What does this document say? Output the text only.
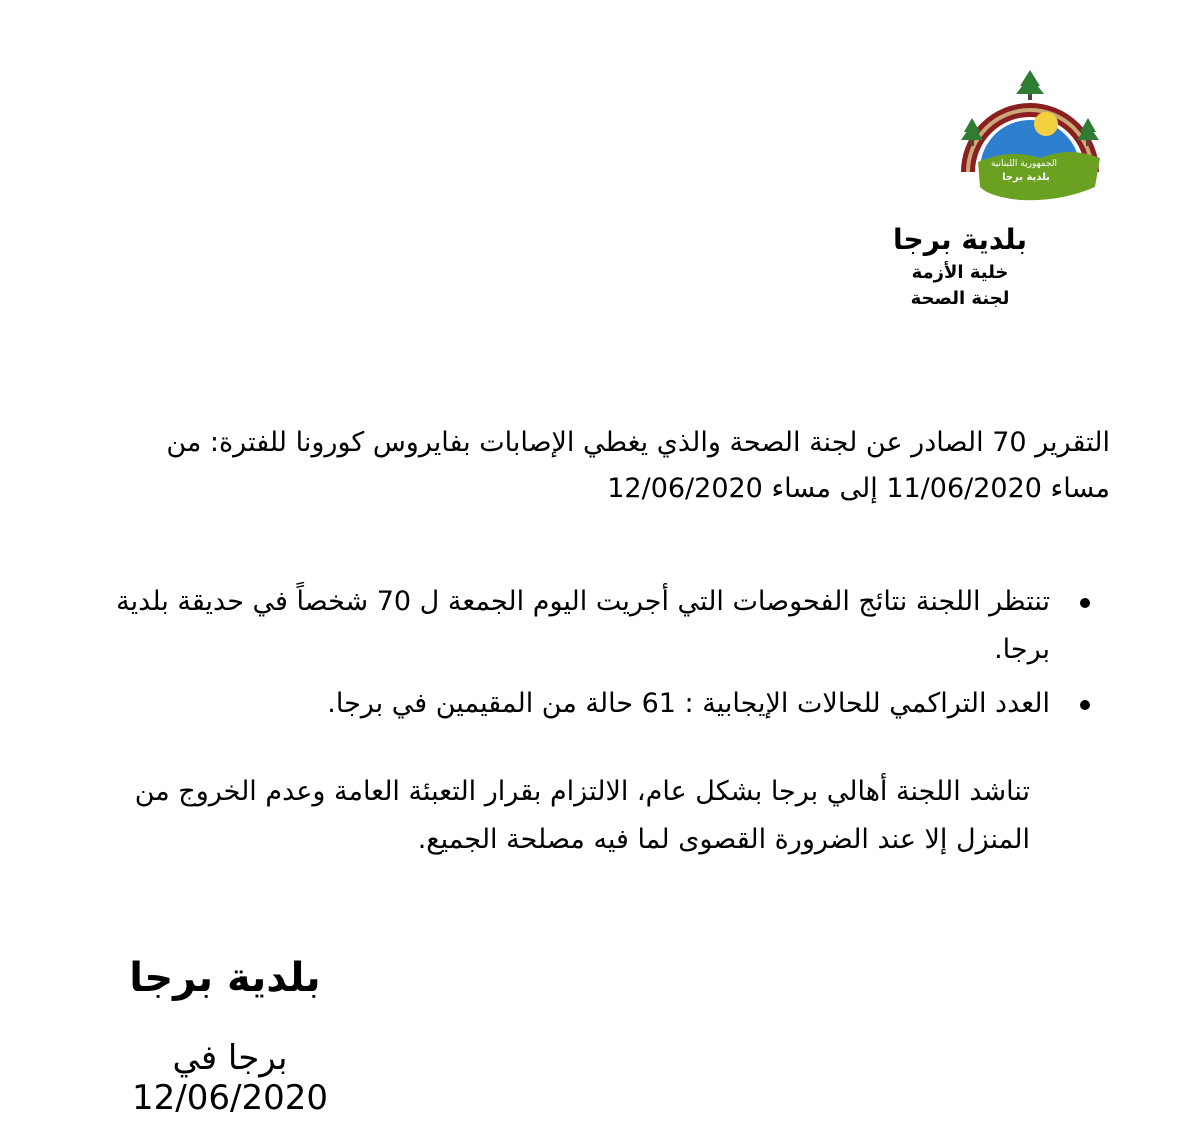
الجمهورية اللبنانية
بلدية برجا
بلدية برجا
خلية الأزمة
لجنة الصحة
التقرير 70 الصادر عن لجنة الصحة والذي يغطي الإصابات بفايروس كورونا للفترة: من مساء 11/06/2020 إلى مساء 12/06/2020
تنتظر اللجنة نتائج الفحوصات التي أجريت اليوم الجمعة ل 70 شخصاً في حديقة بلدية برجا.
العدد التراكمي للحالات الإيجابية : 61 حالة من المقيمين في برجا.
تناشد اللجنة أهالي برجا بشكل عام، الالتزام بقرار التعبئة العامة وعدم الخروج من المنزل إلا عند الضرورة القصوى لما فيه مصلحة الجميع.
بلدية برجا
برجا في 12/06/2020
